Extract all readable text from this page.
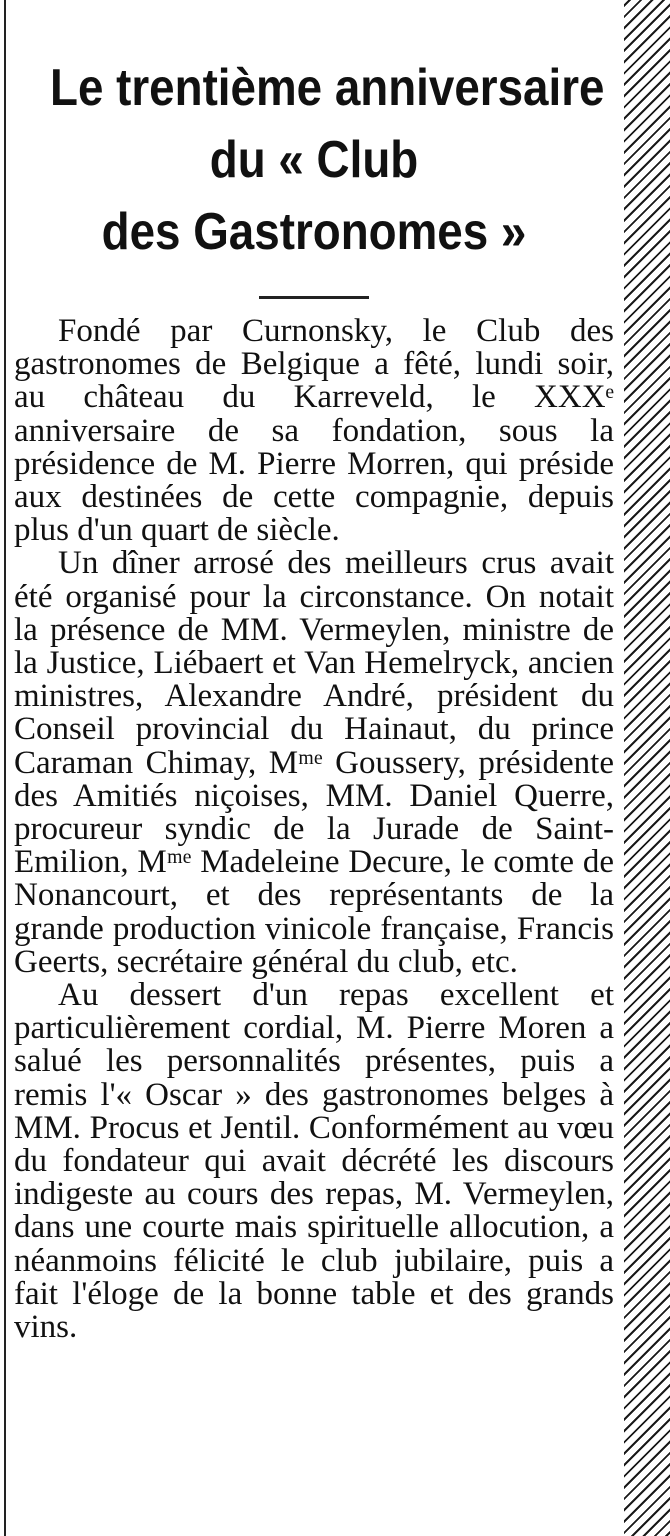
Le trentième anniversaire
du « Club
des Gastronomes »

Fondé par Curnonsky, le Club des gastronomes de Belgique a fêté, lundi soir, au château du Karreveld, le XXXᵉ anniversaire de sa fondation, sous la présidence de M. Pierre Morren, qui préside aux destinées de cette compagnie, depuis plus d'un quart de siècle.

Un dîner arrosé des meilleurs crus avait été organisé pour la circonstance. On notait la présence de MM. Vermeylen, ministre de la Justice, Liébaert et Van Hemelryck, ancien ministres, Alexandre André, président du Conseil provincial du Hainaut, du prince Caraman Chimay, Mᵐᵉ Goussery, présidente des Amitiés niçoises, MM. Daniel Querre, procureur syndic de la Jurade de Saint-Emilion, Mᵐᵉ Madeleine Decure, le comte de Nonancourt, et des représentants de la grande production vinicole française, Francis Geerts, secrétaire général du club, etc.

Au dessert d'un repas excellent et particulièrement cordial, M. Pierre Moren a salué les personnalités présentes, puis a remis l'« Oscar » des gastronomes belges à MM. Procus et Jentil. Conformément au vœu du fondateur qui avait décrété les discours indigeste au cours des repas, M. Vermeylen, dans une courte mais spirituelle allocution, a néanmoins félicité le club jubilaire, puis a fait l'éloge de la bonne table et des grands vins.
